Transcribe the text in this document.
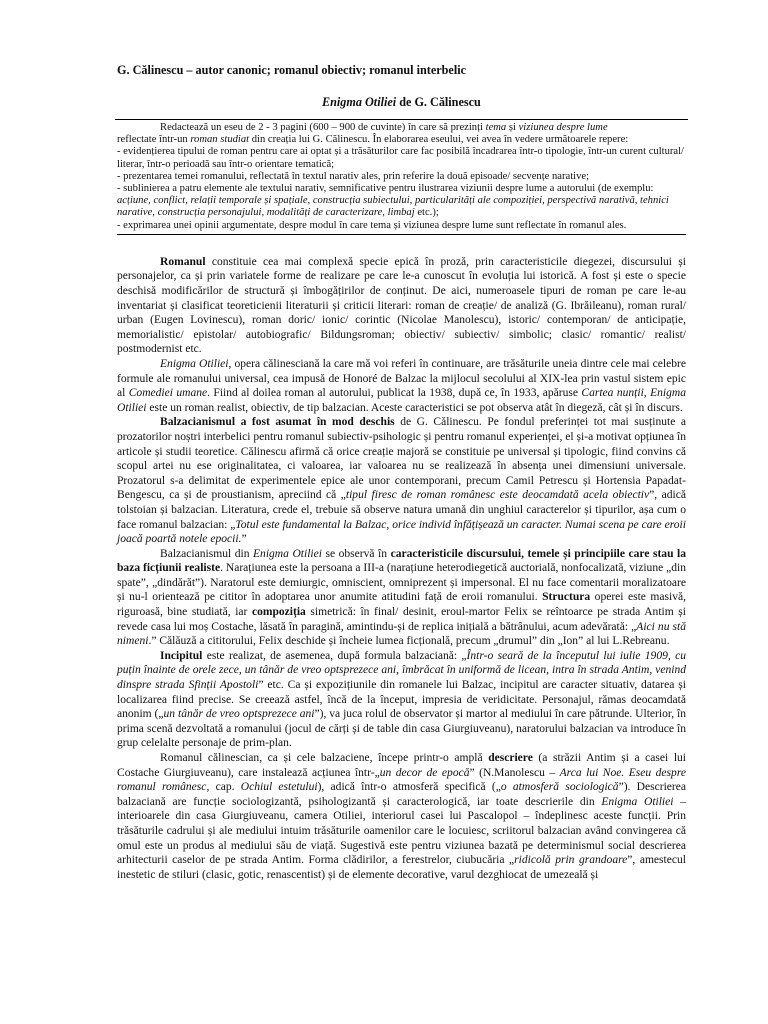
G. Călinescu – autor canonic; romanul obiectiv; romanul interbelic
Enigma Otiliei de G. Călinescu

Redactează un eseu de 2 - 3 pagini (600 – 900 de cuvinte) în care să prezinți tema și viziunea despre lume

reflectate într-un roman studiat din creația lui G. Călinescu. În elaborarea eseului, vei avea în vedere următoarele repere:

- evidențierea tipului de roman pentru care ai optat și a trăsăturilor care fac posibilă încadrarea într-o tipologie, într-un curent cultural/ literar, într-o perioadă sau într-o orientare tematică;

- prezentarea temei romanului, reflectată în textul narativ ales, prin referire la două episoade/ secvențe narative;

- sublinierea a patru elemente ale textului narativ, semnificative pentru ilustrarea viziunii despre lume a autorului (de exemplu: acțiune, conflict, relații temporale și spațiale, construcția subiectului, particularități ale compoziției, perspectivă narativă, tehnici narative, construcția personajului, modalități de caracterizare, limbaj etc.);

- exprimarea unei opinii argumentate, despre modul în care tema și viziunea despre lume sunt reflectate în romanul ales.

Romanul constituie cea mai complexă specie epică în proză, prin caracteristicile diegezei, discursului și personajelor, ca și prin variatele forme de realizare pe care le-a cunoscut în evoluția lui istorică. A fost și este o specie deschisă modificărilor de structură și îmbogățirilor de conținut. De aici, numeroasele tipuri de roman pe care le-au inventariat și clasificat teoreticienii literaturii și criticii literari: roman de creație/ de analiză (G. Ibrăileanu), roman rural/ urban (Eugen Lovinescu), roman doric/ ionic/ corintic (Nicolae Manolescu), istoric/ contemporan/ de anticipație, memorialistic/ epistolar/ autobiografic/ Bildungsroman; obiectiv/ subiectiv/ simbolic; clasic/ romantic/ realist/ postmodernist etc.

Enigma Otiliei, opera călinesciană la care mă voi referi în continuare, are trăsăturile uneia dintre cele mai celebre formule ale romanului universal, cea impusă de Honoré de Balzac la mijlocul secolului al XIX-lea prin vastul sistem epic al Comediei umane. Fiind al doilea roman al autorului, publicat la 1938, după ce, în 1933, apăruse Cartea nunții, Enigma Otiliei este un roman realist, obiectiv, de tip balzacian. Aceste caracteristici se pot observa atât în diegeză, cât și în discurs.

Balzacianismul a fost asumat în mod deschis de G. Călinescu. Pe fondul preferinței tot mai susținute a prozatorilor noștri interbelici pentru romanul subiectiv-psihologic și pentru romanul experienței, el și-a motivat opțiunea în articole și studii teoretice. Călinescu afirmă că orice creație majoră se constituie pe universal și tipologic, fiind convins că scopul artei nu ese originalitatea, ci valoarea, iar valoarea nu se realizează în absența unei dimensiuni universale. Prozatorul s-a delimitat de experimentele epice ale unor contemporani, precum Camil Petrescu și Hortensia Papadat-Bengescu, ca și de proustianism, apreciind că „tipul firesc de roman românesc este deocamdată acela obiectiv”, adică tolstoian și balzacian. Literatura, crede el, trebuie să observe natura umană din unghiul caracterelor și tipurilor, așa cum o face romanul balzacian: „Totul este fundamental la Balzac, orice individ înfățișează un caracter. Numai scena pe care eroii joacă poartă notele epocii.”

Balzacianismul din Enigma Otiliei se observă în caracteristicile discursului, temele și principiile care stau la baza ficțiunii realiste. Narațiunea este la persoana a III-a (narațiune heterodiegetică auctorială, nonfocalizată, viziune „din spate”, „dindărăt”). Naratorul este demiurgic, omniscient, omniprezent și impersonal. El nu face comentarii moralizatoare și nu-l orientează pe cititor în adoptarea unor anumite atitudini față de eroii romanului. Structura operei este masivă, riguroasă, bine studiată, iar compoziția simetrică: în final/ desinit, eroul-martor Felix se reîntoarce pe strada Antim și revede casa lui moș Costache, lăsată în paragină, amintindu-și de replica inițială a bătrânului, acum adevărată: „Aici nu stă nimeni.” Călăuză a cititorului, Felix deschide și încheie lumea ficțională, precum „drumul” din „Ion” al lui L.Rebreanu.

Incipitul este realizat, de asemenea, după formula balzaciană: „Într-o seară de la începutul lui iulie 1909, cu puțin înainte de orele zece, un tânăr de vreo optsprezece ani, îmbrăcat în uniformă de licean, intra în strada Antim, venind dinspre strada Sfinții Apostoli” etc. Ca și expozițiunile din romanele lui Balzac, incipitul are caracter situativ, datarea și localizarea fiind precise. Se creează astfel, încă de la început, impresia de veridicitate. Personajul, rămas deocamdată anonim („un tânăr de vreo optsprezece ani”), va juca rolul de observator și martor al mediului în care pătrunde. Ulterior, în prima scenă dezvoltată a romanului (jocul de cărți și de table din casa Giurgiuveanu), naratorului balzacian va introduce în grup celelalte personaje de prim-plan.

Romanul călinescian, ca și cele balzaciene, începe printr-o amplă descriere (a străzii Antim și a casei lui Costache Giurgiuveanu), care instalează acțiunea într-„un decor de epocă” (N.Manolescu – Arca lui Noe. Eseu despre romanul românesc, cap. Ochiul estetului), adică într-o atmosferă specifică („o atmosferă sociologică”). Descrierea balzaciană are funcție sociologizantă, psihologizantă și caracterologică, iar toate descrierile din Enigma Otiliei – interioarele din casa Giurgiuveanu, camera Otiliei, interiorul casei lui Pascalopol – îndeplinesc aceste funcții. Prin trăsăturile cadrului și ale mediului intuim trăsăturile oamenilor care le locuiesc, scriitorul balzacian având convingerea că omul este un produs al mediului său de viață. Sugestivă este pentru viziunea bazată pe determinismul social descrierea arhitecturii caselor de pe strada Antim. Forma clădirilor, a ferestrelor, ciubucăria „ridicolă prin grandoare”, amestecul inestetic de stiluri (clasic, gotic, renascentist) și de elemente decorative, varul dezghiocat de umezeală și
